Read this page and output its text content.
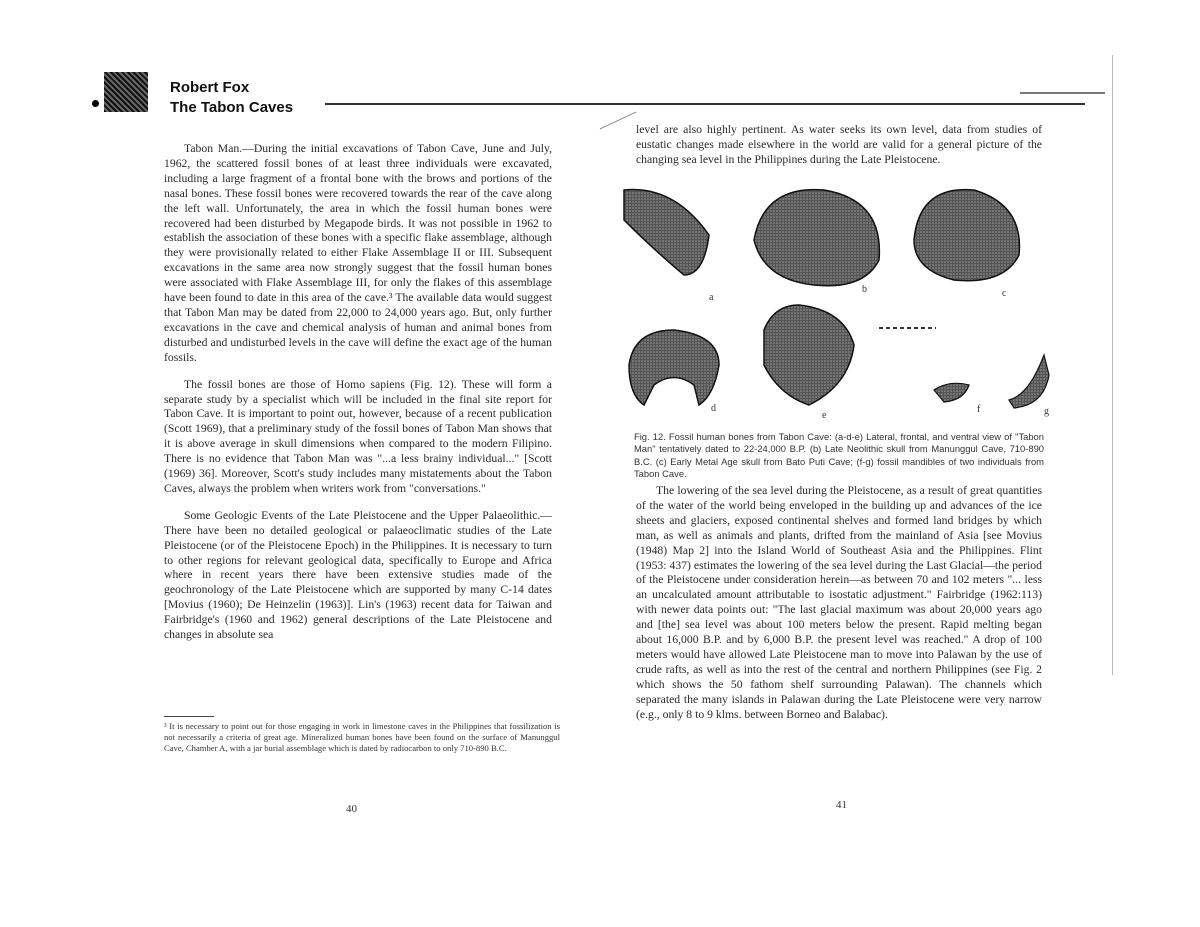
Robert Fox
The Tabon Caves

Tabon Man.—During the initial excavations of Tabon Cave, June and July, 1962, the scattered fossil bones of at least three individuals were excavated, including a large fragment of a frontal bone with the brows and portions of the nasal bones. These fossil bones were recovered towards the rear of the cave along the left wall. Unfortunately, the area in which the fossil human bones were recovered had been disturbed by Megapode birds. It was not possible in 1962 to establish the association of these bones with a specific flake assemblage, although they were provisionally related to either Flake Assemblage II or III. Subsequent excavations in the same area now strongly suggest that the fossil human bones were associated with Flake Assemblage III, for only the flakes of this assemblage have been found to date in this area of the cave.³ The available data would suggest that Tabon Man may be dated from 22,000 to 24,000 years ago. But, only further excavations in the cave and chemical analysis of human and animal bones from disturbed and undisturbed levels in the cave will define the exact age of the human fossils.

The fossil bones are those of Homo sapiens (Fig. 12). These will form a separate study by a specialist which will be included in the final site report for Tabon Cave. It is important to point out, however, because of a recent publication (Scott 1969), that a preliminary study of the fossil bones of Tabon Man shows that it is above average in skull dimensions when compared to the modern Filipino. There is no evidence that Tabon Man was "...a less brainy individual..." [Scott (1969) 36]. Moreover, Scott's study includes many mistatements about the Tabon Caves, always the problem when writers work from "conversations."

Some Geologic Events of the Late Pleistocene and the Upper Palaeolithic.—There have been no detailed geological or palaeoclimatic studies of the Late Pleistocene (or of the Pleistocene Epoch) in the Philippines. It is necessary to turn to other regions for relevant geological data, specifically to Europe and Africa where in recent years there have been extensive studies made of the geochronology of the Late Pleistocene which are supported by many C-14 dates [Movius (1960); De Heinzelin (1963)]. Lin's (1963) recent data for Taiwan and Fairbridge's (1960 and 1962) general descriptions of the Late Pleistocene and changes in absolute sea

³ It is necessary to point out for those engaging in work in limestone caves in the Philippines that fossilization is not necessarily a criteria of great age. Mineralized human bones have been found on the surface of Manunggul Cave, Chamber A, with a jar burial assemblage which is dated by radiocarbon to only 710-890 B.C.
40

level are also highly pertinent. As water seeks its own level, data from studies of eustatic changes made elsewhere in the world are valid for a general picture of the changing sea level in the Philippines during the Late Pleistocene.

a
b	c
d
e
f	g
Fig. 12. Fossil human bones from Tabon Cave: (a-d-e) Lateral, frontal, and ventral view of "Tabon Man" tentatively dated to 22-24,000 B.P. (b) Late Neolithic skull from Manunggul Cave, 710-890 B.C. (c) Early Metal Age skull from Bato Puti Cave; (f-g) fossil mandibles of two individuals from Tabon Cave.

The lowering of the sea level during the Pleistocene, as a result of great quantities of the water of the world being enveloped in the building up and advances of the ice sheets and glaciers, exposed continental shelves and formed land bridges by which man, as well as animals and plants, drifted from the mainland of Asia [see Movius (1948) Map 2] into the Island World of Southeast Asia and the Philippines. Flint (1953: 437) estimates the lowering of the sea level during the Last Glacial—the period of the Pleistocene under consideration herein—as between 70 and 102 meters "... less an uncalculated amount attributable to isostatic adjustment." Fairbridge (1962:113) with newer data points out: "The last glacial maximum was about 20,000 years ago and [the] sea level was about 100 meters below the present. Rapid melting began about 16,000 B.P. and by 6,000 B.P. the present level was reached." A drop of 100 meters would have allowed Late Pleistocene man to move into Palawan by the use of crude rafts, as well as into the rest of the central and northern Philippines (see Fig. 2 which shows the 50 fathom shelf surrounding Palawan). The channels which separated the many islands in Palawan during the Late Pleistocene were very narrow (e.g., only 8 to 9 klms. between Borneo and Balabac).

41
